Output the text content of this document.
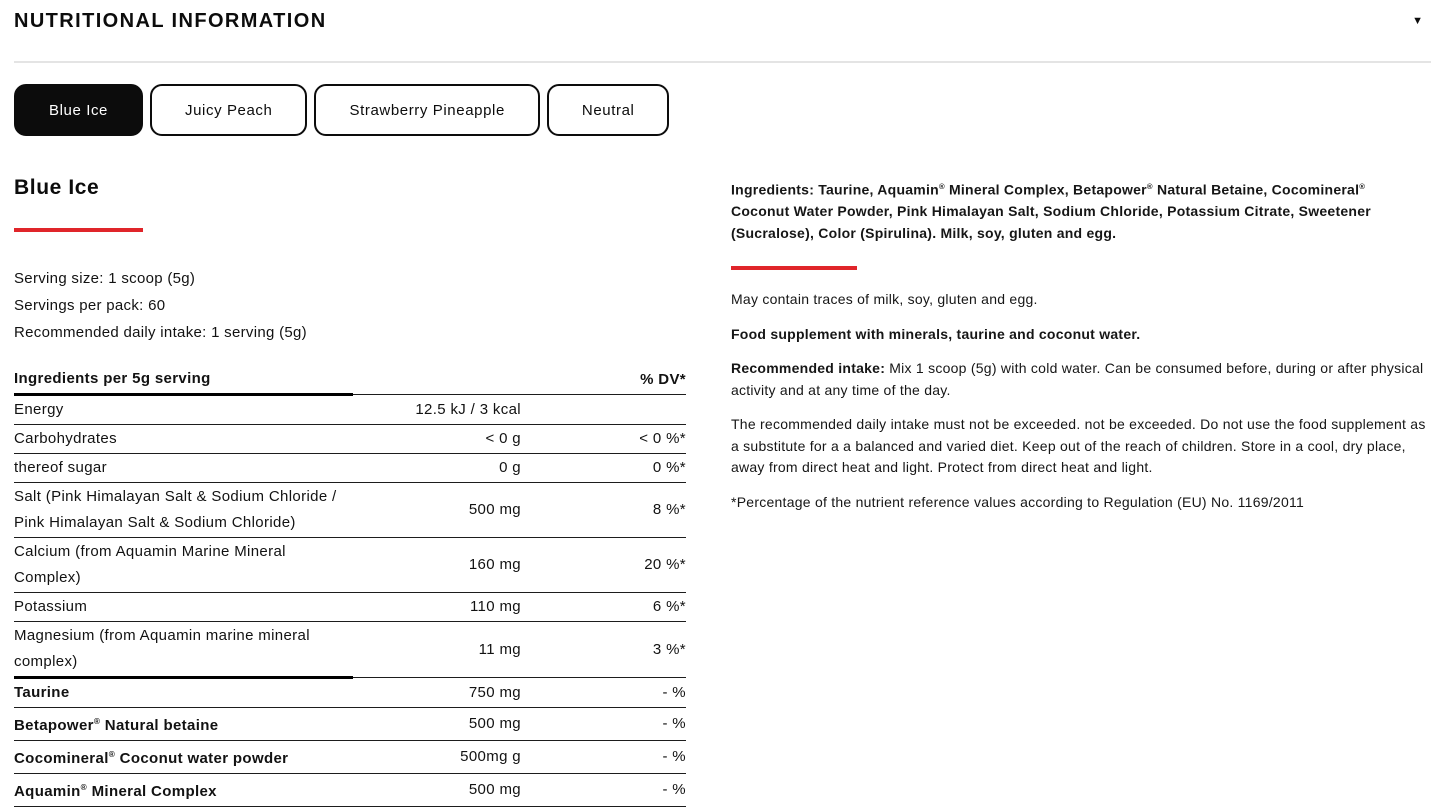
NUTRITIONAL INFORMATION	▼
Blue Ice	Juicy Peach	Strawberry Pineapple	Neutral
Blue Ice

Serving size: 1 scoop (5g)

Servings per pack: 60

Recommended daily intake: 1 serving (5g)

Ingredients per 5g serving		% DV*
Energy	12.5 kJ / 3 kcal	
Carbohydrates	< 0 g	< 0 %*
thereof sugar	0 g	0 %*
Salt (Pink Himalayan Salt & Sodium Chloride / Pink Himalayan Salt & Sodium Chloride)	500 mg	8 %*
Calcium (from Aquamin Marine Mineral Complex)	160 mg	20 %*
Potassium	110 mg	6 %*
Magnesium (from Aquamin marine mineral complex)	11 mg	3 %*
Taurine	750 mg	- %
Betapower® Natural betaine	500 mg	- %
Cocomineral® Coconut water powder	500mg g	- %
Aquamin® Mineral Complex	500 mg	- %

Ingredients: Taurine, Aquamin® Mineral Complex, Betapower® Natural Betaine, Cocomineral® Coconut Water Powder, Pink Himalayan Salt, Sodium Chloride, Potassium Citrate, Sweetener (Sucralose), Color (Spirulina). Milk, soy, gluten and egg.

May contain traces of milk, soy, gluten and egg.

Food supplement with minerals, taurine and coconut water.

Recommended intake: Mix 1 scoop (5g) with cold water. Can be consumed before, during or after physical activity and at any time of the day.

The recommended daily intake must not be exceeded. not be exceeded. Do not use the food supplement as a substitute for a a balanced and varied diet. Keep out of the reach of children. Store in a cool, dry place, away from direct heat and light. Protect from direct heat and light.

*Percentage of the nutrient reference values according to Regulation (EU) No. 1169/2011
